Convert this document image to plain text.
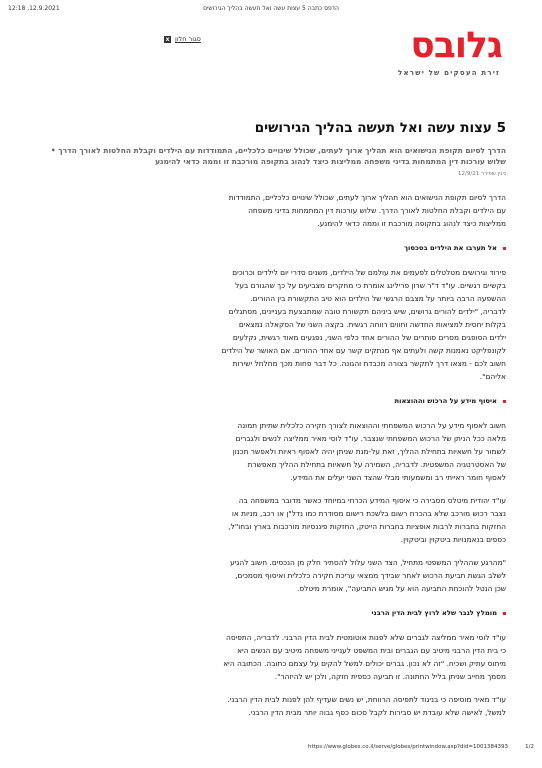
12:18 ,12.9.2021	הדפס כתבה 5 עצות עשה ואל תעשה בהליך הגירושים
סגור חלון
x	גלובס
זירת העסקים של ישראל
5 עצות עשה ואל תעשה בהליך הגירושים
הדרך לסיום תקופת הנישואים הוא תהליך ארוך לעתים, שכולל שינויים כלכליים, התמודדות עם הילדים וקבלת החלטות לאורך הדרך • שלוש עורכות דין המתמחות בדיני משפחה ממליצות כיצד לנהוג בתקופה מורכבת זו וממה כדאי להימנע
גיגין שפירר 12/9/21

הדרך לסיום תקופת הנישואים הוא תהליך ארוך לעתים, שכולל שינויים כלכליים, התמודדות
עם הילדים וקבלת החלטות לאורך הדרך. שלוש עורכות דין המתמחות בדיני משפחה
ממליצות כיצד לנהוג בתקופה מורכבת זו וממה כדאי להימנע.

אל תערבו את הילדים בסכסוך

פירוד וגירושים מטלטלים לפעמים את עולמם של הילדים, משנים סדרי יום לילדים וכרוכים
בקשיים רגשיים. עו"ד ד"ר שרון פרילינג אומרת כי מחקרים מצביעים על כך שהגורם בעל
ההשפעה הרבה ביותר על מצבם הרגשי של הילדים הוא טיב התקשורת בין ההורים.
לדבריה, "ילדים להורים גרושים, שיש ביניהם תקשורת טובה שמתבצעת בעניינים, מסתגלים
בקלות יחסית למציאות החדשה וחווים רווחה רגשית. בקצה השני של הסקאלה נמצאים
ילדים הסופגים מסרים סותרים של ההורים אחד כלפי השני, נפגעים מאוד רגשית, נקלעים
לקונפליקט נאמנות קשה ולעתים אף מנתקים קשר עם אחד ההורים. אם האושר של הילדים
חשוב לכם - מצאו דרך לתקשר בצורה מכבדת והגונה. כל דבר פחות מכך מחלחל ישירות
אליהם".

איסוף מידע על הרכוש וההוצאות

חשוב לאסוף מידע על הרכוש המשפחתי וההוצאות לצורך חקירה כלכלית שתיתן תמונה
מלאה ככל הניתן של הרכוש המשפחתי שנצבר. עו"ד לוסי מאיר ממליצה לנשים ולגברים
לשמור על חשאיות בתחילת ההליך, זאת על-מנת שניתן יהיה לאסוף ראיות ולאפשר תכנון
של האסטרטגיה המשפטית. לדבריה, השמירה על חשאיות בתחילת ההליך מאפשרת
לאסוף חומר ראייתי רב ומשמעותי מבלי שהצד השני יעלים את המידע.

עו"ד יהודית מיטלס מסבירה כי איסוף המידע הכרחי במיוחד כאשר מדובר במשפחה בה
נצבר רכוש מורכב שלא בהכרח רשום בלשכת רישום מסודרת כמו נדל"ן או רכב, מניות או
החזקות בחברות לרבות אופציות בחברות הייטק, החזקות פיננסיות מורכבות בארץ ובחו"ל,
כספים בנאמנויות ביטקוין וביטקוין.

"מהרגע שההליך המשפטי מתחיל, הצד השני עלול להסתיר חלק מן הנכסים. חשוב להגיע
לשלב הגשת תביעת הרכוש לאחר שבידך ממצאי עריכת חקירה כלכלית ואיסוף מסמכים,
שכן הנטל להוכחת התביעה הוא על מגיש התביעה", אומרת מיטלס.

מומלץ לגבר שלא לרוץ לבית הדין הרבני

עו"ד לוסי מאיר ממליצה לגברים שלא לפנות אוטומטית לבית הדין הרבני. לדבריה, התפיסה
כי בית הדין הרבני מיטיב עם הגברים ובית המשפט לענייני משפחה מיטיב עם הנשים היא
מיתוס עתיק ושכיח. "זה לא נכון. גברים יכולים למשל להקים על עצמם כתובה. הכתובה היא
מסמך מחייב שניתן בליל החתונה. זו תביעה כספית חזקה, ולכן יש להיזהר".

עו"ד מאיר מוסיפה כי בניגוד לתפיסה הרווחת, יש נשים שעדיף להן לפנות לבית הדין הרבני.
למשל, לאישה שלא עובדת יש סבירות לקבל סכום כסף גבוה יותר מבית הדין הרבני.

https://www.globes.co.il/serve/globes/printwindow.asp?did=1001384393	1/2
